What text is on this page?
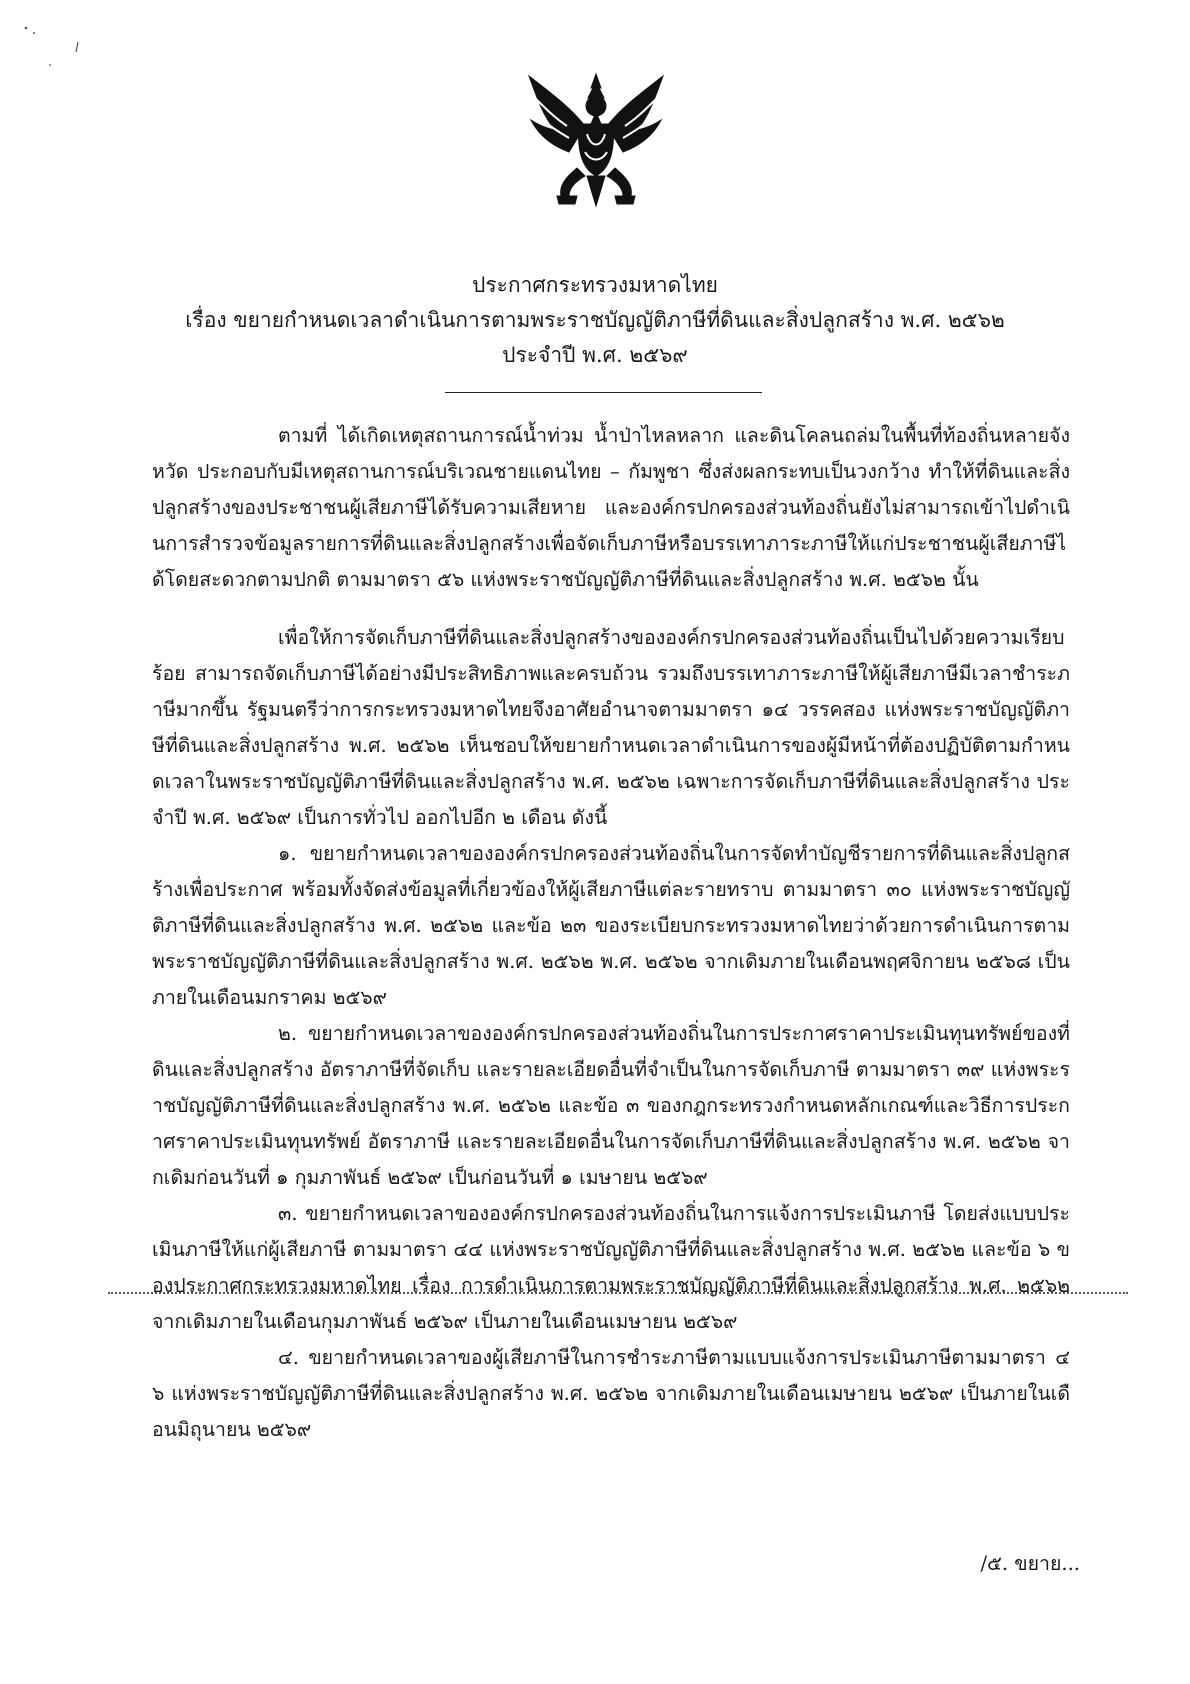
ประกาศกระทรวงมหาดไทย
เรื่อง ขยายกำหนดเวลาดำเนินการตามพระราชบัญญัติภาษีที่ดินและสิ่งปลูกสร้าง พ.ศ. ๒๕๖๒
ประจำปี พ.ศ. ๒๕๖๙

ตามที่ ได้เกิดเหตุสถานการณ์น้ำท่วม น้ำป่าไหลหลาก และดินโคลนถล่มในพื้นที่ท้องถิ่นหลายจังหวัด ประกอบกับมีเหตุสถานการณ์บริเวณชายแดนไทย – กัมพูชา ซึ่งส่งผลกระทบเป็นวงกว้าง ทำให้ที่ดินและสิ่งปลูกสร้างของประชาชนผู้เสียภาษีได้รับความเสียหาย และองค์กรปกครองส่วนท้องถิ่นยังไม่สามารถเข้าไปดำเนินการสำรวจข้อมูลรายการที่ดินและสิ่งปลูกสร้างเพื่อจัดเก็บภาษีหรือบรรเทาภาระภาษีให้แก่ประชาชนผู้เสียภาษีได้โดยสะดวกตามปกติ ตามมาตรา ๕๖ แห่งพระราชบัญญัติภาษีที่ดินและสิ่งปลูกสร้าง พ.ศ. ๒๕๖๒ นั้น

เพื่อให้การจัดเก็บภาษีที่ดินและสิ่งปลูกสร้างขององค์กรปกครองส่วนท้องถิ่นเป็นไปด้วยความเรียบร้อย สามารถจัดเก็บภาษีได้อย่างมีประสิทธิภาพและครบถ้วน รวมถึงบรรเทาภาระภาษีให้ผู้เสียภาษีมีเวลาชำระภาษีมากขึ้น รัฐมนตรีว่าการกระทรวงมหาดไทยจึงอาศัยอำนาจตามมาตรา ๑๔ วรรคสอง แห่งพระราชบัญญัติภาษีที่ดินและสิ่งปลูกสร้าง พ.ศ. ๒๕๖๒ เห็นชอบให้ขยายกำหนดเวลาดำเนินการของผู้มีหน้าที่ต้องปฏิบัติตามกำหนดเวลาในพระราชบัญญัติภาษีที่ดินและสิ่งปลูกสร้าง พ.ศ. ๒๕๖๒ เฉพาะการจัดเก็บภาษีที่ดินและสิ่งปลูกสร้าง ประจำปี พ.ศ. ๒๕๖๙ เป็นการทั่วไป ออกไปอีก ๒ เดือน ดังนี้

๑. ขยายกำหนดเวลาขององค์กรปกครองส่วนท้องถิ่นในการจัดทำบัญชีรายการที่ดินและสิ่งปลูกสร้างเพื่อประกาศ พร้อมทั้งจัดส่งข้อมูลที่เกี่ยวข้องให้ผู้เสียภาษีแต่ละรายทราบ ตามมาตรา ๓๐ แห่งพระราชบัญญัติภาษีที่ดินและสิ่งปลูกสร้าง พ.ศ. ๒๕๖๒ และข้อ ๒๓ ของระเบียบกระทรวงมหาดไทยว่าด้วยการดำเนินการตามพระราชบัญญัติภาษีที่ดินและสิ่งปลูกสร้าง พ.ศ. ๒๕๖๒ พ.ศ. ๒๕๖๒ จากเดิมภายในเดือนพฤศจิกายน ๒๕๖๘ เป็นภายในเดือนมกราคม ๒๕๖๙

๒. ขยายกำหนดเวลาขององค์กรปกครองส่วนท้องถิ่นในการประกาศราคาประเมินทุนทรัพย์ของที่ดินและสิ่งปลูกสร้าง อัตราภาษีที่จัดเก็บ และรายละเอียดอื่นที่จำเป็นในการจัดเก็บภาษี ตามมาตรา ๓๙ แห่งพระราชบัญญัติภาษีที่ดินและสิ่งปลูกสร้าง พ.ศ. ๒๕๖๒ และข้อ ๓ ของกฎกระทรวงกำหนดหลักเกณฑ์และวิธีการประกาศราคาประเมินทุนทรัพย์ อัตราภาษี และรายละเอียดอื่นในการจัดเก็บภาษีที่ดินและสิ่งปลูกสร้าง พ.ศ. ๒๕๖๒ จากเดิมก่อนวันที่ ๑ กุมภาพันธ์ ๒๕๖๙ เป็นก่อนวันที่ ๑ เมษายน ๒๕๖๙

๓. ขยายกำหนดเวลาขององค์กรปกครองส่วนท้องถิ่นในการแจ้งการประเมินภาษี โดยส่งแบบประเมินภาษีให้แก่ผู้เสียภาษี ตามมาตรา ๔๔ แห่งพระราชบัญญัติภาษีที่ดินและสิ่งปลูกสร้าง พ.ศ. ๒๕๖๒ และข้อ ๖ ของประกาศกระทรวงมหาดไทย เรื่อง การดำเนินการตามพระราชบัญญัติภาษีที่ดินและสิ่งปลูกสร้าง พ.ศ. ๒๕๖๒ จากเดิมภายในเดือนกุมภาพันธ์ ๒๕๖๙ เป็นภายในเดือนเมษายน ๒๕๖๙

๔. ขยายกำหนดเวลาของผู้เสียภาษีในการชำระภาษีตามแบบแจ้งการประเมินภาษีตามมาตรา ๔๖ แห่งพระราชบัญญัติภาษีที่ดินและสิ่งปลูกสร้าง พ.ศ. ๒๕๖๒ จากเดิมภายในเดือนเมษายน ๒๕๖๙ เป็นภายในเดือนมิถุนายน ๒๕๖๙

/๕. ขยาย...
